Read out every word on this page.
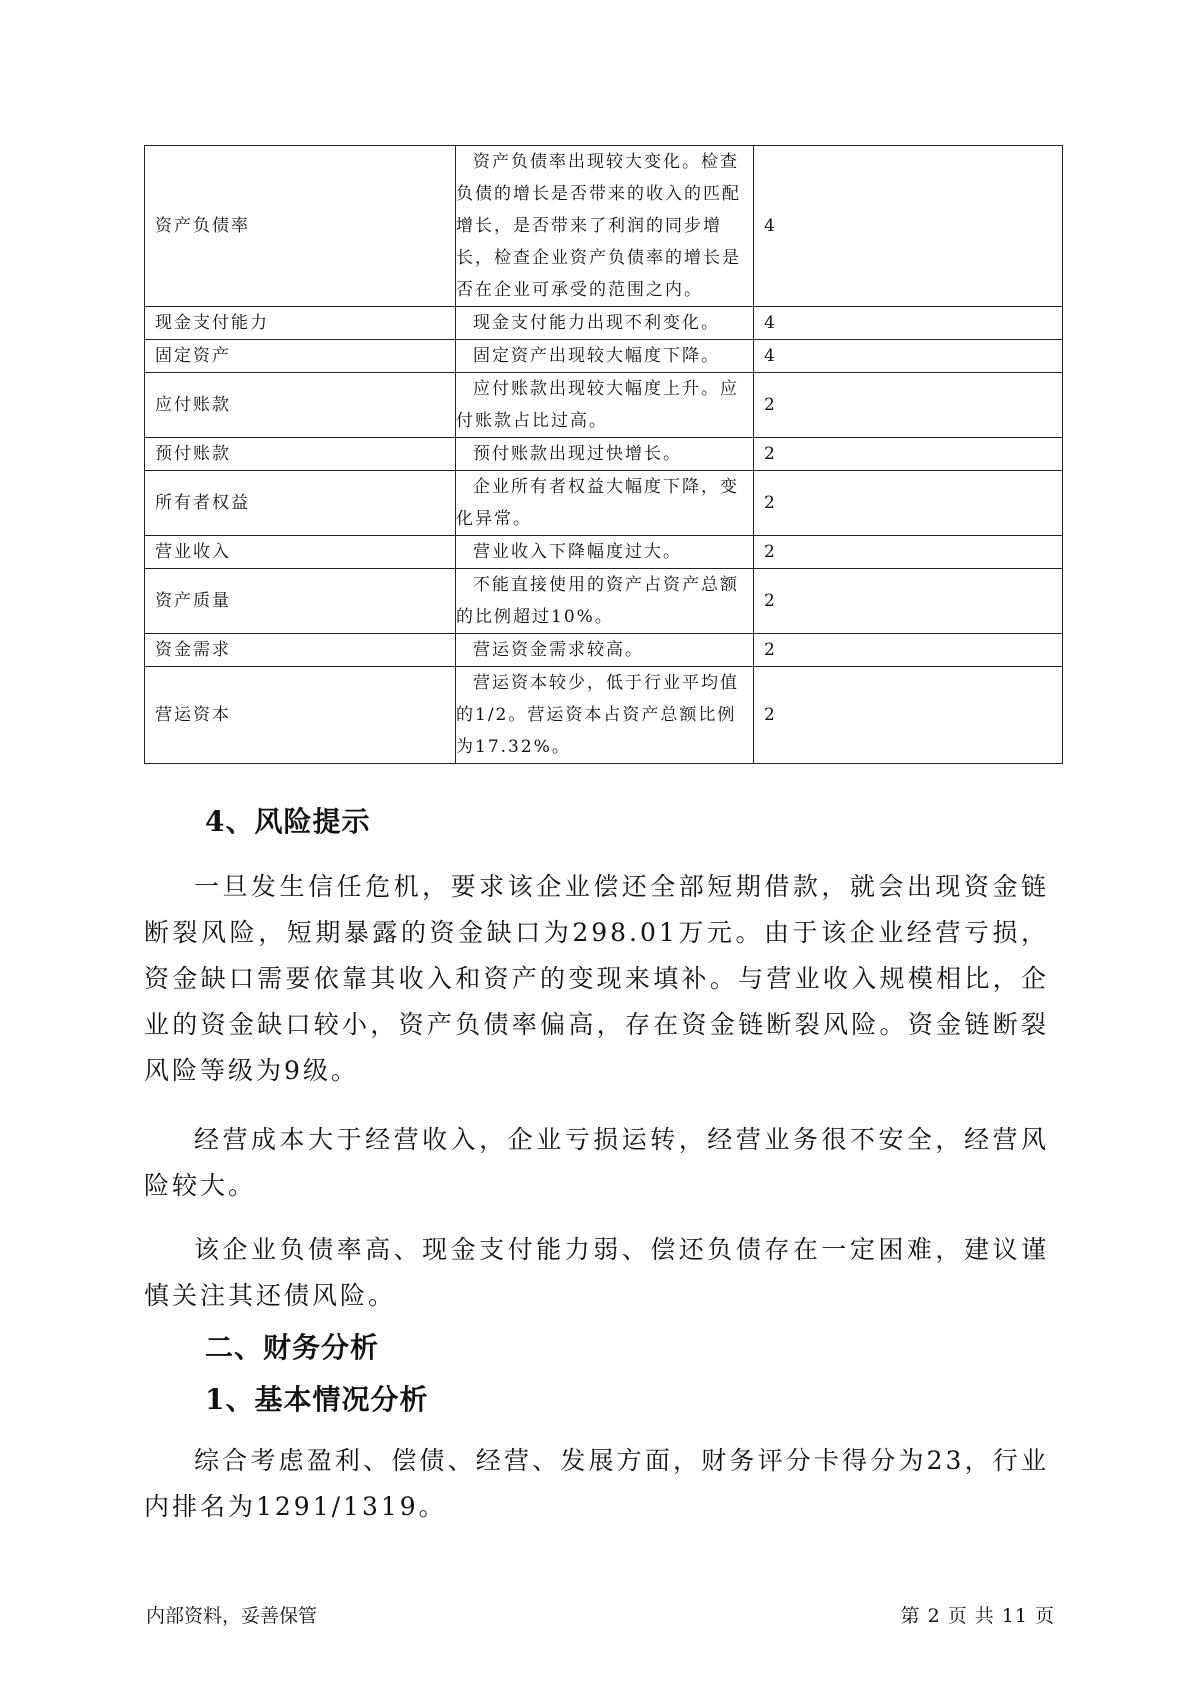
资产负债率	资产负债率出现较大变化。检查负债的增长是否带来的收入的匹配增长，是否带来了利润的同步增长，检查企业资产负债率的增长是否在企业可承受的范围之内。	4
现金支付能力	现金支付能力出现不利变化。	4
固定资产	固定资产出现较大幅度下降。	4
应付账款	应付账款出现较大幅度上升。应付账款占比过高。	2
预付账款	预付账款出现过快增长。	2
所有者权益	企业所有者权益大幅度下降，变化异常。	2
营业收入	营业收入下降幅度过大。	2
资产质量	不能直接使用的资产占资产总额的比例超过10%。	2
资金需求	营运资金需求较高。	2
营运资本	营运资本较少，低于行业平均值的1/2。营运资本占资产总额比例为17.32%。	2
4、风险提示

一旦发生信任危机，要求该企业偿还全部短期借款，就会出现资金链断裂风险，短期暴露的资金缺口为298.01万元。由于该企业经营亏损，资金缺口需要依靠其收入和资产的变现来填补。与营业收入规模相比，企业的资金缺口较小，资产负债率偏高，存在资金链断裂风险。资金链断裂风险等级为9级。

经营成本大于经营收入，企业亏损运转，经营业务很不安全，经营风险较大。

该企业负债率高、现金支付能力弱、偿还负债存在一定困难，建议谨慎关注其还债风险。

二、财务分析
1、基本情况分析

综合考虑盈利、偿债、经营、发展方面，财务评分卡得分为23，行业内排名为1291/1319。

内部资料，妥善保管	第 2 页 共 11 页
